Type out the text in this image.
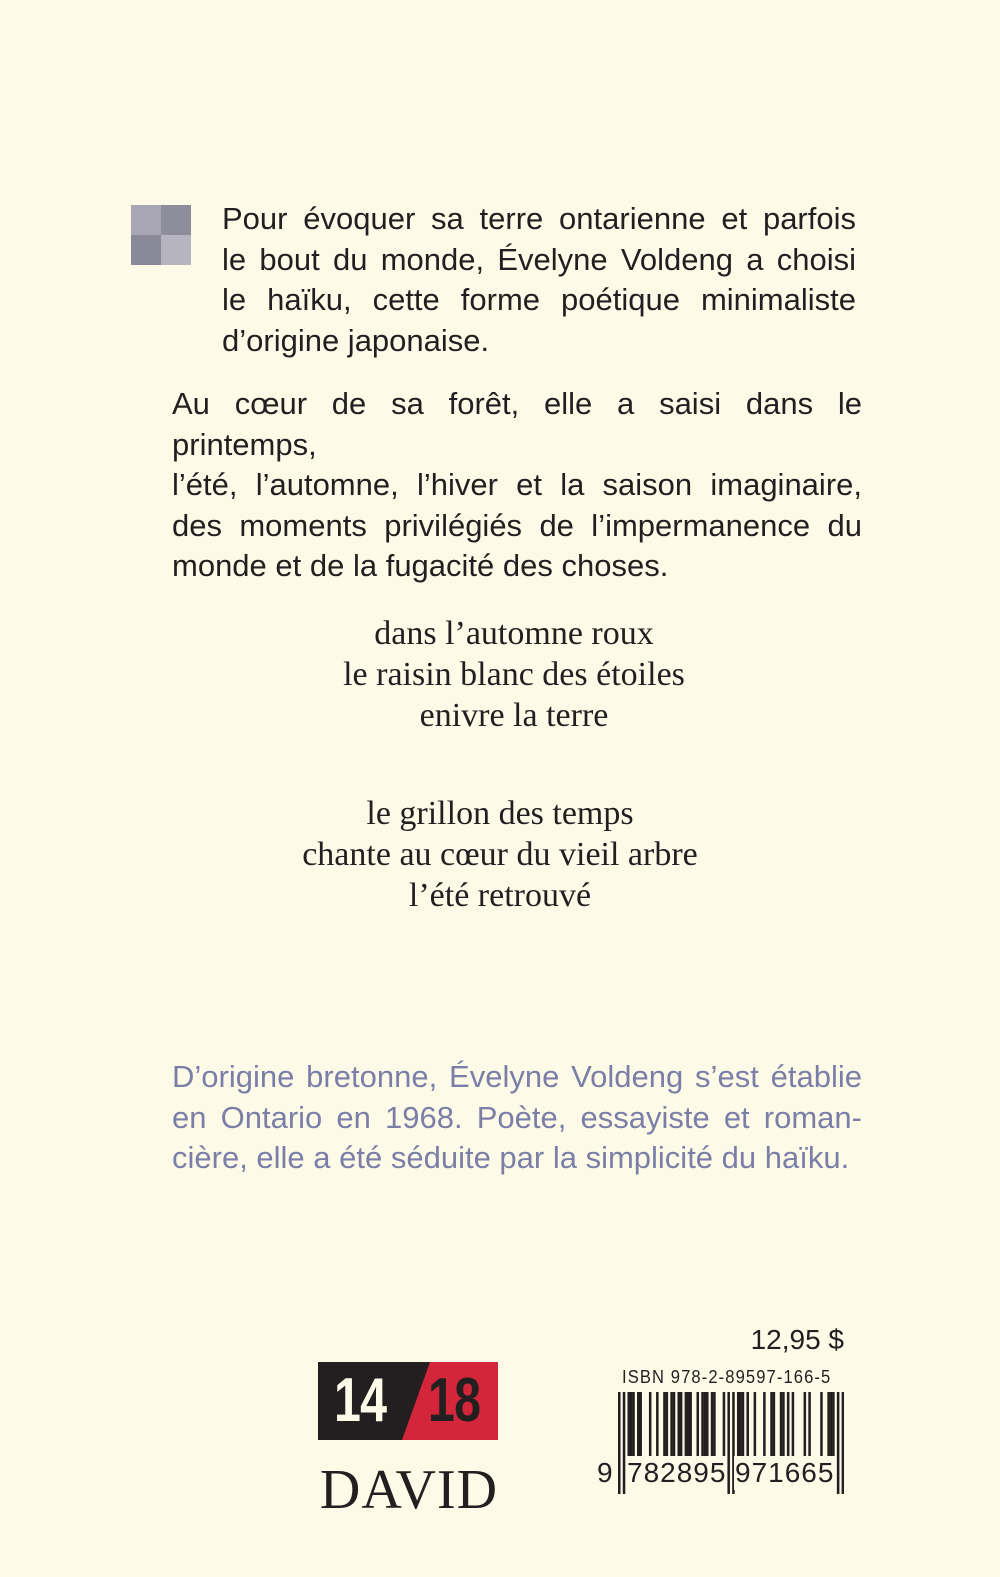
Pour évoquer sa terre ontarienne et parfois
le bout du monde, Évelyne Voldeng a choisi
le haïku, cette forme poétique minimaliste
d’origine japonaise.

Au cœur de sa forêt, elle a saisi dans le printemps,
l’été, l’automne, l’hiver et la saison imaginaire,
des moments privilégiés de l’impermanence du
monde et de la fugacité des choses.

dans l’automne roux
le raisin blanc des étoiles
enivre la terre
le grillon des temps
chante au cœur du vieil arbre
l’été retrouvé

D’origine bretonne, Évelyne Voldeng s’est établie
en Ontario en 1968. Poète, essayiste et roman-
cière, elle a été séduite par la simplicité du haïku.

14 18
DAVID
12,95 $
ISBN 978-2-89597-166-5
9 782895 971665
